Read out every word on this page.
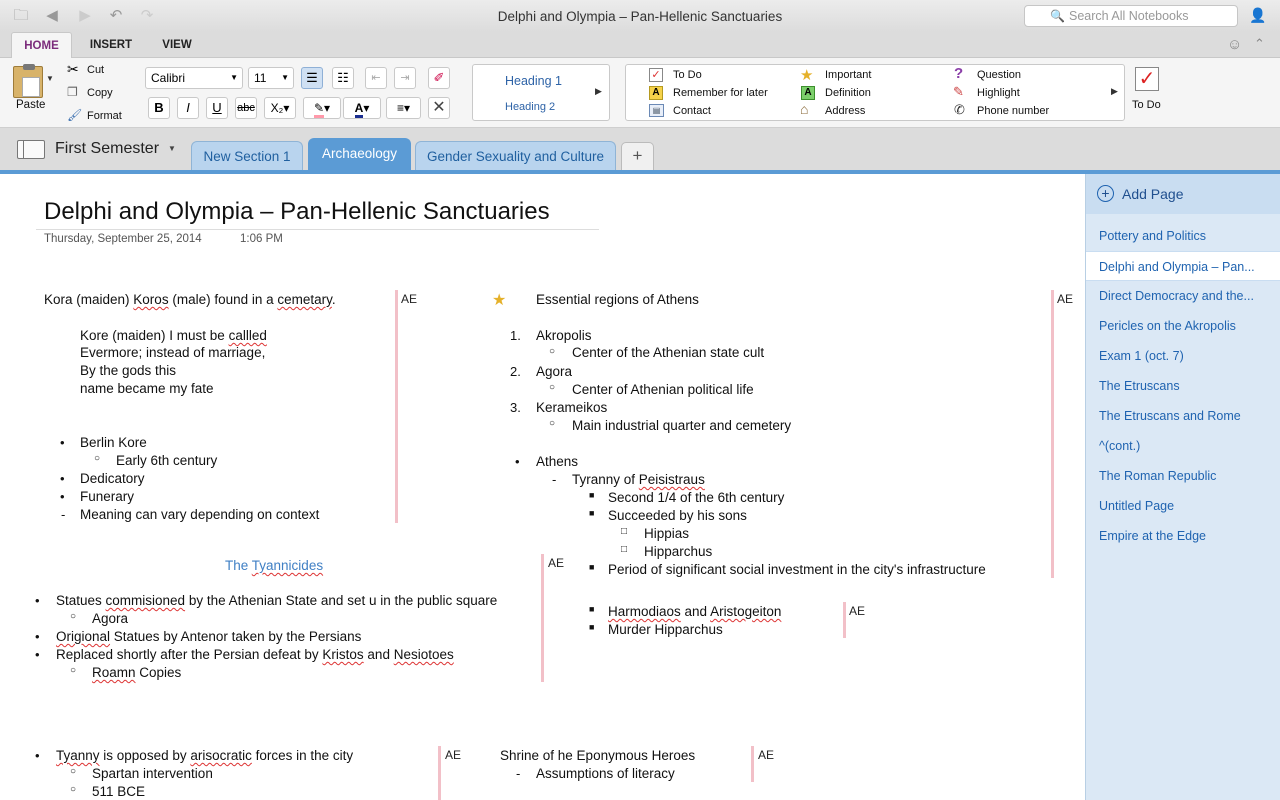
🗀 ◀ ▶ ↶ ↷	Delphi and Olympia – Pan-Hellenic Sanctuaries	🔍 Search All Notebooks	👤
HOME	INSERT	VIEW	☺ ⌃
▼
Paste
✂ Cut
❐ Copy
🖌 Format
Calibri	▼	11 ▼	☰	☷	⇤	⇥	✐
B	I	U	abc	X₂▾	✎▾	A▾	≡▾	✕
Heading 1
Heading 2
▶
✓ To Do
A	Remember for later
▤	Contact
★ Important
A	Definition
⌂ Address
? Question
✎ Highlight
✆ Phone number
▶
✓
To Do
First Semester ▼
New Section 1	Archaeology	Gender Sexuality and Culture	+
+ Add Page
Pottery and Politics
Delphi and Olympia – Pan...
Direct Democracy and the...
Pericles on the Akropolis
Exam 1 (oct. 7)
The Etruscans
The Etruscans and Rome
^(cont.)
The Roman Republic
Untitled Page
Empire at the Edge
Delphi and Olympia – Pan-Hellenic Sanctuaries
Thursday, September 25, 2014	1:06 PM
Kora (maiden) Koros (male) found in a cemetary.
Kore (maiden) I must be callled
Evermore; instead of marriage,
By the gods this
name became my fate
• Berlin Kore
○ Early 6th century
• Dedicatory
• Funerary
- Meaning can vary depending on context
AE	★ Essential regions of Athens
1. Akropolis
○ Center of the Athenian state cult
2. Agora
○ Center of Athenian political life
3. Kerameikos
○ Main industrial quarter and cemetery
• Athens
- Tyranny of Peisistraus
■ Second 1/4 of the 6th century
■ Succeeded by his sons
□ Hippias
□ Hipparchus
■ Period of significant social investment in the city's infrastructure
■ Harmodiaos and Aristogeiton
■ Murder Hipparchus
AE
AE
The Tyannicides
• Statues commisioned by the Athenian State and set u in the public square
○ Agora
• Origional Statues by Antenor taken by the Persians
• Replaced shortly after the Persian defeat by Kristos and Nesiotoes
○ Roamn Copies
AE
• Tyanny is opposed by arisocratic forces in the city
○ Spartan intervention
○ 511 BCE
AE	Shrine of he Eponymous Heroes
- Assumptions of literacy
AE
